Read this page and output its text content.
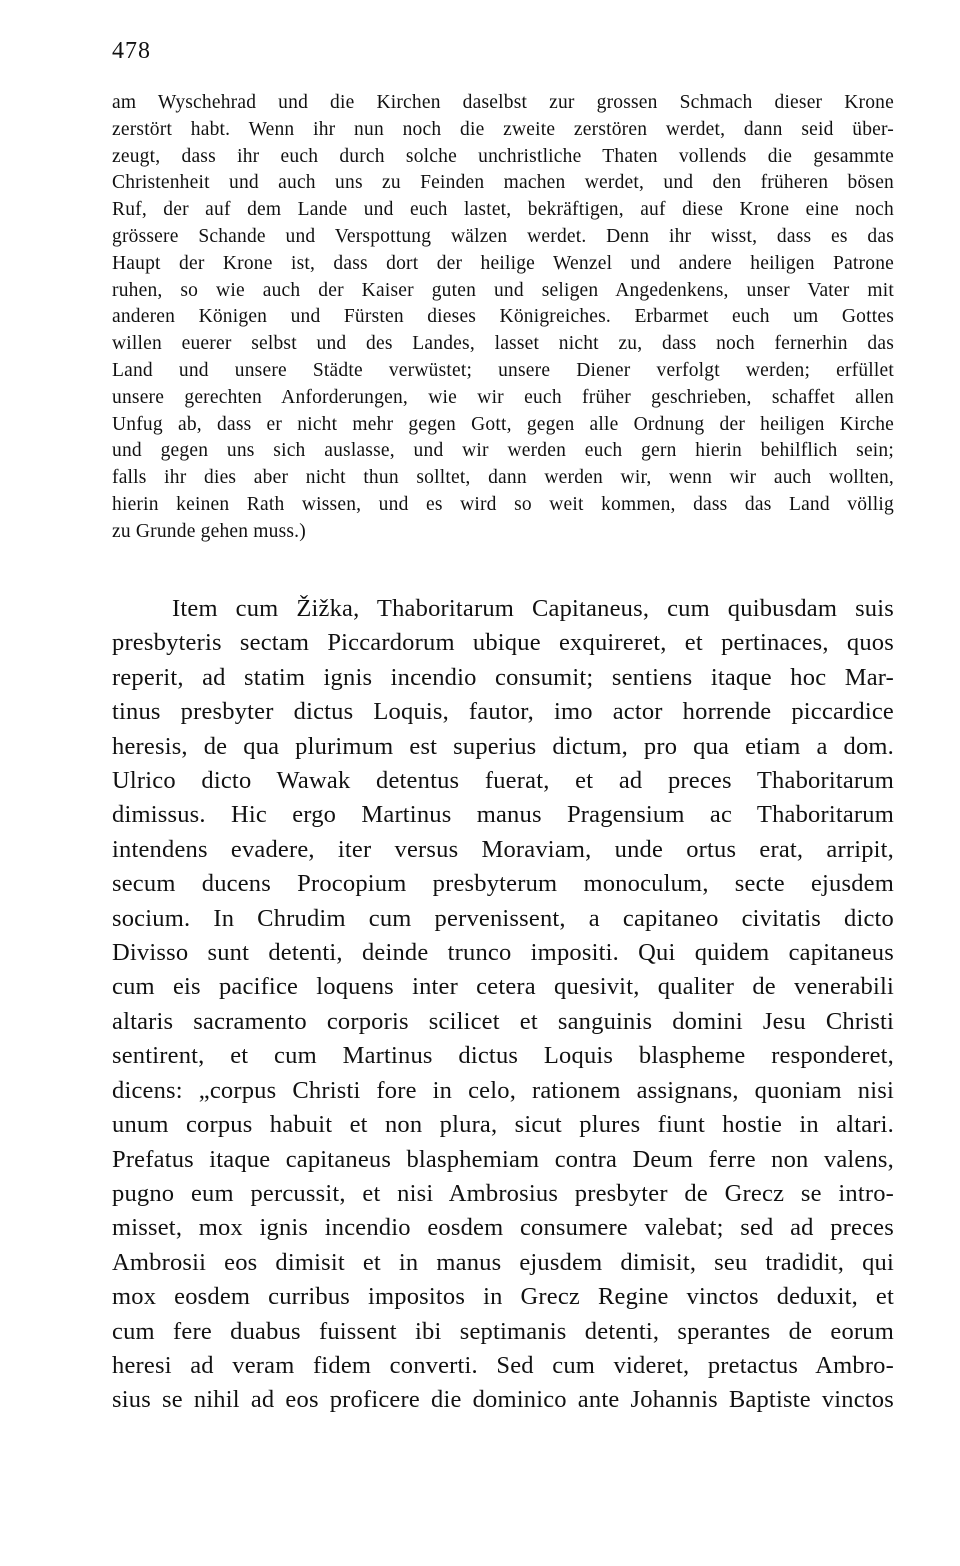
478
am Wyschehrad und die Kirchen daselbst zur grossen Schmach dieser Krone
zerstört habt. Wenn ihr nun noch die zweite zerstören werdet, dann seid über-
zeugt, dass ihr euch durch solche unchristliche Thaten vollends die gesammte
Christenheit und auch uns zu Feinden machen werdet, und den früheren bösen
Ruf, der auf dem Lande und euch lastet, bekräftigen, auf diese Krone eine noch
grössere Schande und Verspottung wälzen werdet. Denn ihr wisst, dass es das
Haupt der Krone ist, dass dort der heilige Wenzel und andere heiligen Patrone
ruhen, so wie auch der Kaiser guten und seligen Angedenkens, unser Vater mit
anderen Königen und Fürsten dieses Königreiches. Erbarmet euch um Gottes
willen euerer selbst und des Landes, lasset nicht zu, dass noch fernerhin das
Land und unsere Städte verwüstet; unsere Diener verfolgt werden; erfüllet
unsere gerechten Anforderungen, wie wir euch früher geschrieben, schaffet allen
Unfug ab, dass er nicht mehr gegen Gott, gegen alle Ordnung der heiligen Kirche
und gegen uns sich auslasse, und wir werden euch gern hierin behilflich sein;
falls ihr dies aber nicht thun solltet, dann werden wir, wenn wir auch wollten,
hierin keinen Rath wissen, und es wird so weit kommen, dass das Land völlig
zu Grunde gehen muss.)
Item cum Žižka, Thaboritarum Capitaneus, cum quibusdam suis
presbyteris sectam Piccardorum ubique exquireret, et pertinaces, quos
reperit, ad statim ignis incendio consumit; sentiens itaque hoc Mar-
tinus presbyter dictus Loquis, fautor, imo actor horrende piccardice
heresis, de qua plurimum est superius dictum, pro qua etiam a dom.
Ulrico dicto Wawak detentus fuerat, et ad preces Thaboritarum
dimissus. Hic ergo Martinus manus Pragensium ac Thaboritarum
intendens evadere, iter versus Moraviam, unde ortus erat, arripit,
secum ducens Procopium presbyterum monoculum, secte ejusdem
socium. In Chrudim cum pervenissent, a capitaneo civitatis dicto
Divisso sunt detenti, deinde trunco impositi. Qui quidem capitaneus
cum eis pacifice loquens inter cetera quesivit, qualiter de venerabili
altaris sacramento corporis scilicet et sanguinis domini Jesu Christi
sentirent, et cum Martinus dictus Loquis blaspheme responderet,
dicens: „corpus Christi fore in celo, rationem assignans, quoniam nisi
unum corpus habuit et non plura, sicut plures fiunt hostie in altari.
Prefatus itaque capitaneus blasphemiam contra Deum ferre non valens,
pugno eum percussit, et nisi Ambrosius presbyter de Grecz se intro-
misset, mox ignis incendio eosdem consumere valebat; sed ad preces
Ambrosii eos dimisit et in manus ejusdem dimisit, seu tradidit, qui
mox eosdem curribus impositos in Grecz Regine vinctos deduxit, et
cum fere duabus fuissent ibi septimanis detenti, sperantes de eorum
heresi ad veram fidem converti. Sed cum videret, pretactus Ambro-
sius se nihil ad eos proficere die dominico ante Johannis Baptiste vinctos
